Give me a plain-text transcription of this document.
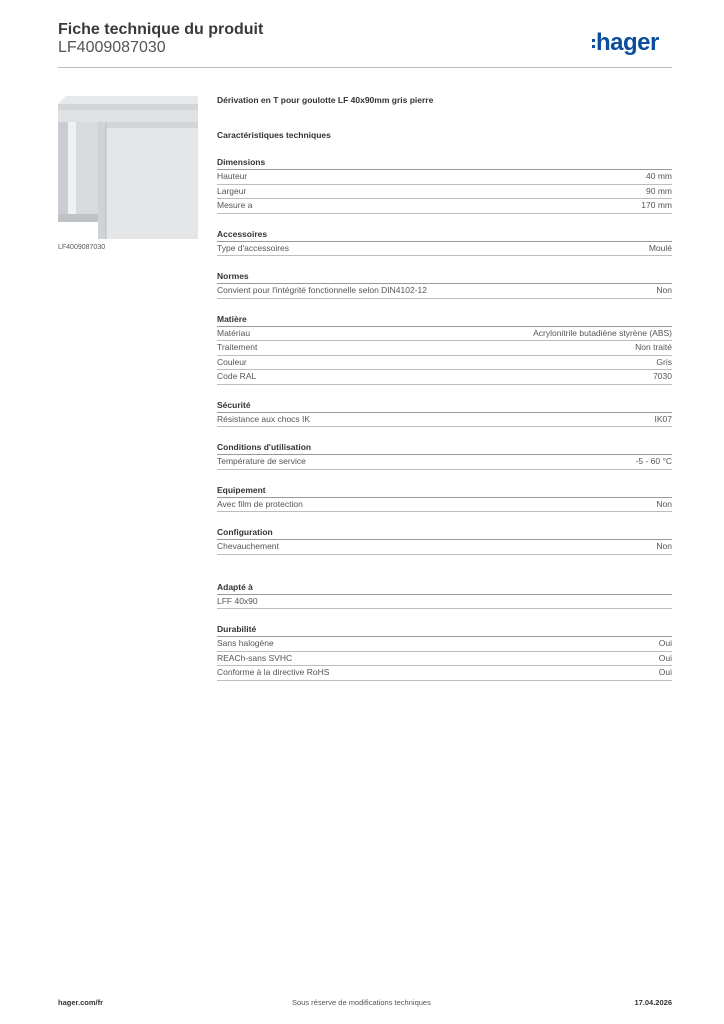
Fiche technique du produit
LF4009087030	hager
LF4009087030
Dérivation en T pour goulotte LF 40x90mm gris pierre
Caractéristiques techniques
Dimensions
Hauteur	40 mm
Largeur	90 mm
Mesure a	170 mm
Accessoires
Type d'accessoires	Moulé
Normes
Convient pour l'intégrité fonctionnelle selon DIN4102-12	Non
Matière
Matériau	Acrylonitrile butadiène styrène (ABS)
Traitement	Non traité
Couleur	Gris
Code RAL	7030
Sécurité
Résistance aux chocs IK	IK07
Conditions d'utilisation
Température de service	-5 - 60 °C
Equipement
Avec film de protection	Non
Configuration
Chevauchement	Non
Adapté à
LFF 40x90
Durabilité
Sans halogène	Oui
REACh-sans SVHC	Oui
Conforme à la directive RoHS	Oui
hager.com/fr	Sous réserve de modifications techniques	17.04.2026
